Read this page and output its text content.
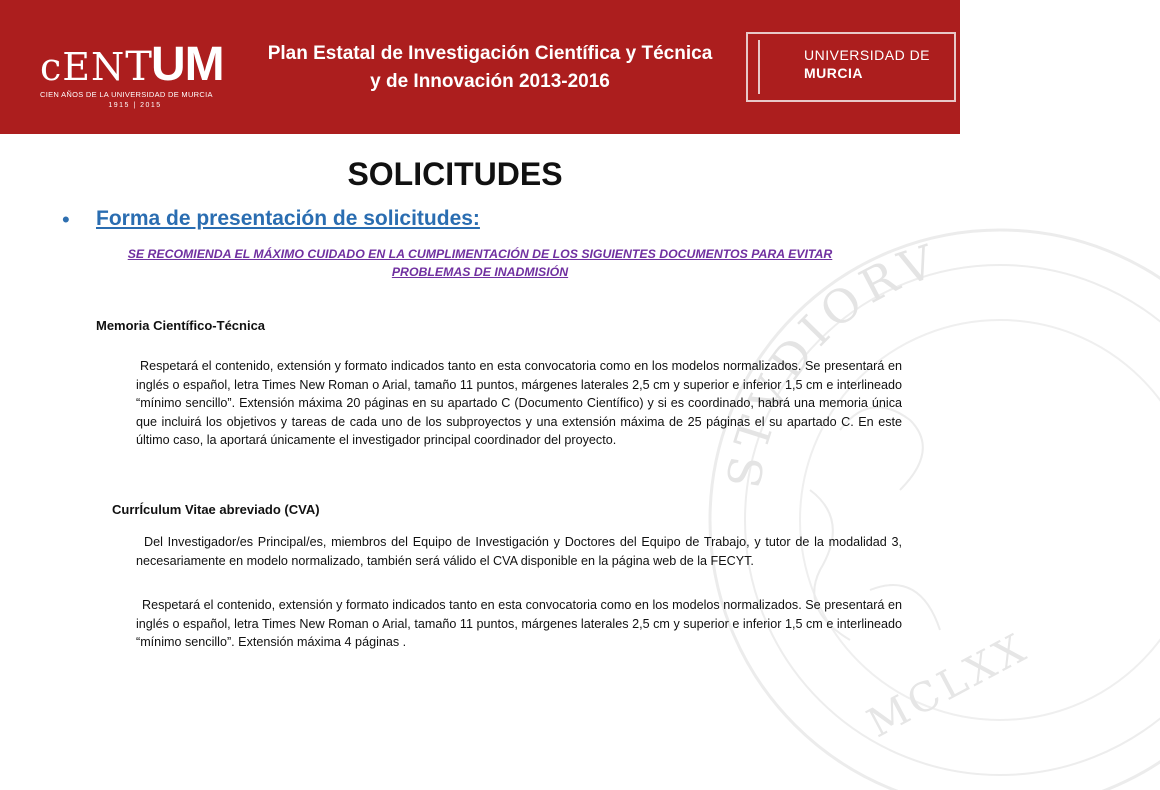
cENTUM
CIEN AÑOS DE LA UNIVERSIDAD DE MURCIA
1915 | 2015
Plan Estatal de Investigación Científica y Técnica
y de Innovación 2013-2016
UNIVERSIDAD DE
MURCIA
STVDIORV
MCLXX
SOLICITUDES
• Forma de presentación de solicitudes:
SE RECOMIENDA EL MÁXIMO CUIDADO EN LA CUMPLIMENTACIÓN DE LOS SIGUIENTES DOCUMENTOS PARA EVITAR
PROBLEMAS DE INADMISIÓN
Memoria Científico-Técnica
Respetará el contenido, extensión y formato indicados tanto en esta convocatoria como en los modelos normalizados. Se presentará en inglés o español, letra Times New Roman o Arial, tamaño 11 puntos, márgenes laterales 2,5 cm y superior e inferior 1,5 cm e interlineado “mínimo sencillo”. Extensión máxima 20 páginas en su apartado C (Documento Científico) y si es coordinado, habrá una memoria única que incluirá los objetivos y tareas de cada uno de los subproyectos y una extensión máxima de 25 páginas el su apartado C. En este último caso, la aportará únicamente el investigador principal coordinador del proyecto.
CurrÍculum Vitae abreviado (CVA)
Del Investigador/es Principal/es, miembros del Equipo de Investigación y Doctores del Equipo de Trabajo, y tutor de la modalidad 3, necesariamente en modelo normalizado, también será válido el CVA disponible en la página web de la FECYT.
Respetará el contenido, extensión y formato indicados tanto en esta convocatoria como en los modelos normalizados. Se presentará en inglés o español, letra Times New Roman o Arial, tamaño 11 puntos, márgenes laterales 2,5 cm y superior e inferior 1,5 cm e interlineado “mínimo sencillo”. Extensión máxima 4 páginas .
